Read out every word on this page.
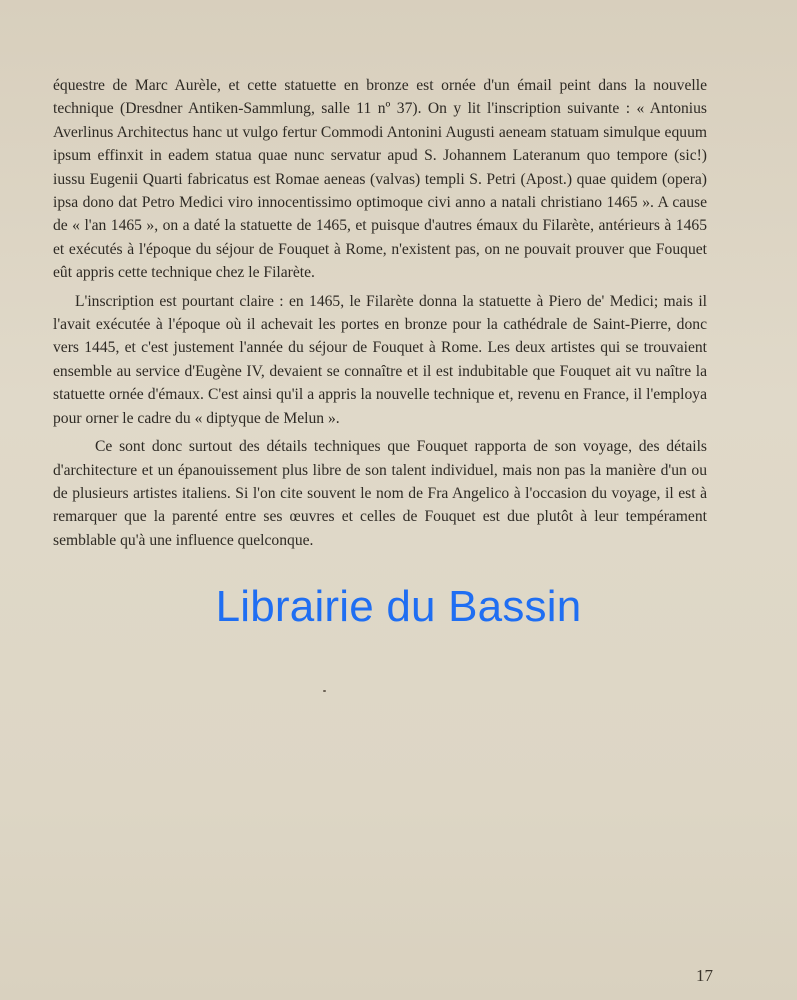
équestre de Marc Aurèle, et cette statuette en bronze est ornée d'un émail peint dans la nouvelle technique (Dresdner Antiken-Sammlung, salle 11 nº 37). On y lit l'inscription suivante : « Antonius Averlinus Architectus hanc ut vulgo fertur Commodi Antonini Augusti aeneam statuam simulque equum ipsum effinxit in eadem statua quae nunc servatur apud S. Johannem Lateranum quo tempore (sic!) iussu Eugenii Quarti fabricatus est Romae aeneas (valvas) templi S. Petri (Apost.) quae quidem (opera) ipsa dono dat Petro Medici viro innocentissimo optimoque civi anno a natali christiano 1465 ». A cause de « l'an 1465 », on a daté la statuette de 1465, et puisque d'autres émaux du Filarète, antérieurs à 1465 et exécutés à l'époque du séjour de Fouquet à Rome, n'existent pas, on ne pouvait prouver que Fouquet eût appris cette technique chez le Filarète.

L'inscription est pourtant claire : en 1465, le Filarète donna la statuette à Piero de' Medici; mais il l'avait exécutée à l'époque où il achevait les portes en bronze pour la cathédrale de Saint-Pierre, donc vers 1445, et c'est justement l'année du séjour de Fouquet à Rome. Les deux artistes qui se trouvaient ensemble au service d'Eugène IV, devaient se connaître et il est indubitable que Fouquet ait vu naître la statuette ornée d'émaux. C'est ainsi qu'il a appris la nouvelle technique et, revenu en France, il l'employa pour orner le cadre du « diptyque de Melun ».

Ce sont donc surtout des détails techniques que Fouquet rapporta de son voyage, des détails d'architecture et un épanouissement plus libre de son talent individuel, mais non pas la manière d'un ou de plusieurs artistes italiens. Si l'on cite souvent le nom de Fra Angelico à l'occasion du voyage, il est à remarquer que la parenté entre ses œuvres et celles de Fouquet est due plutôt à leur tempérament semblable qu'à une influence quelconque.

Librairie du Bassin
17
